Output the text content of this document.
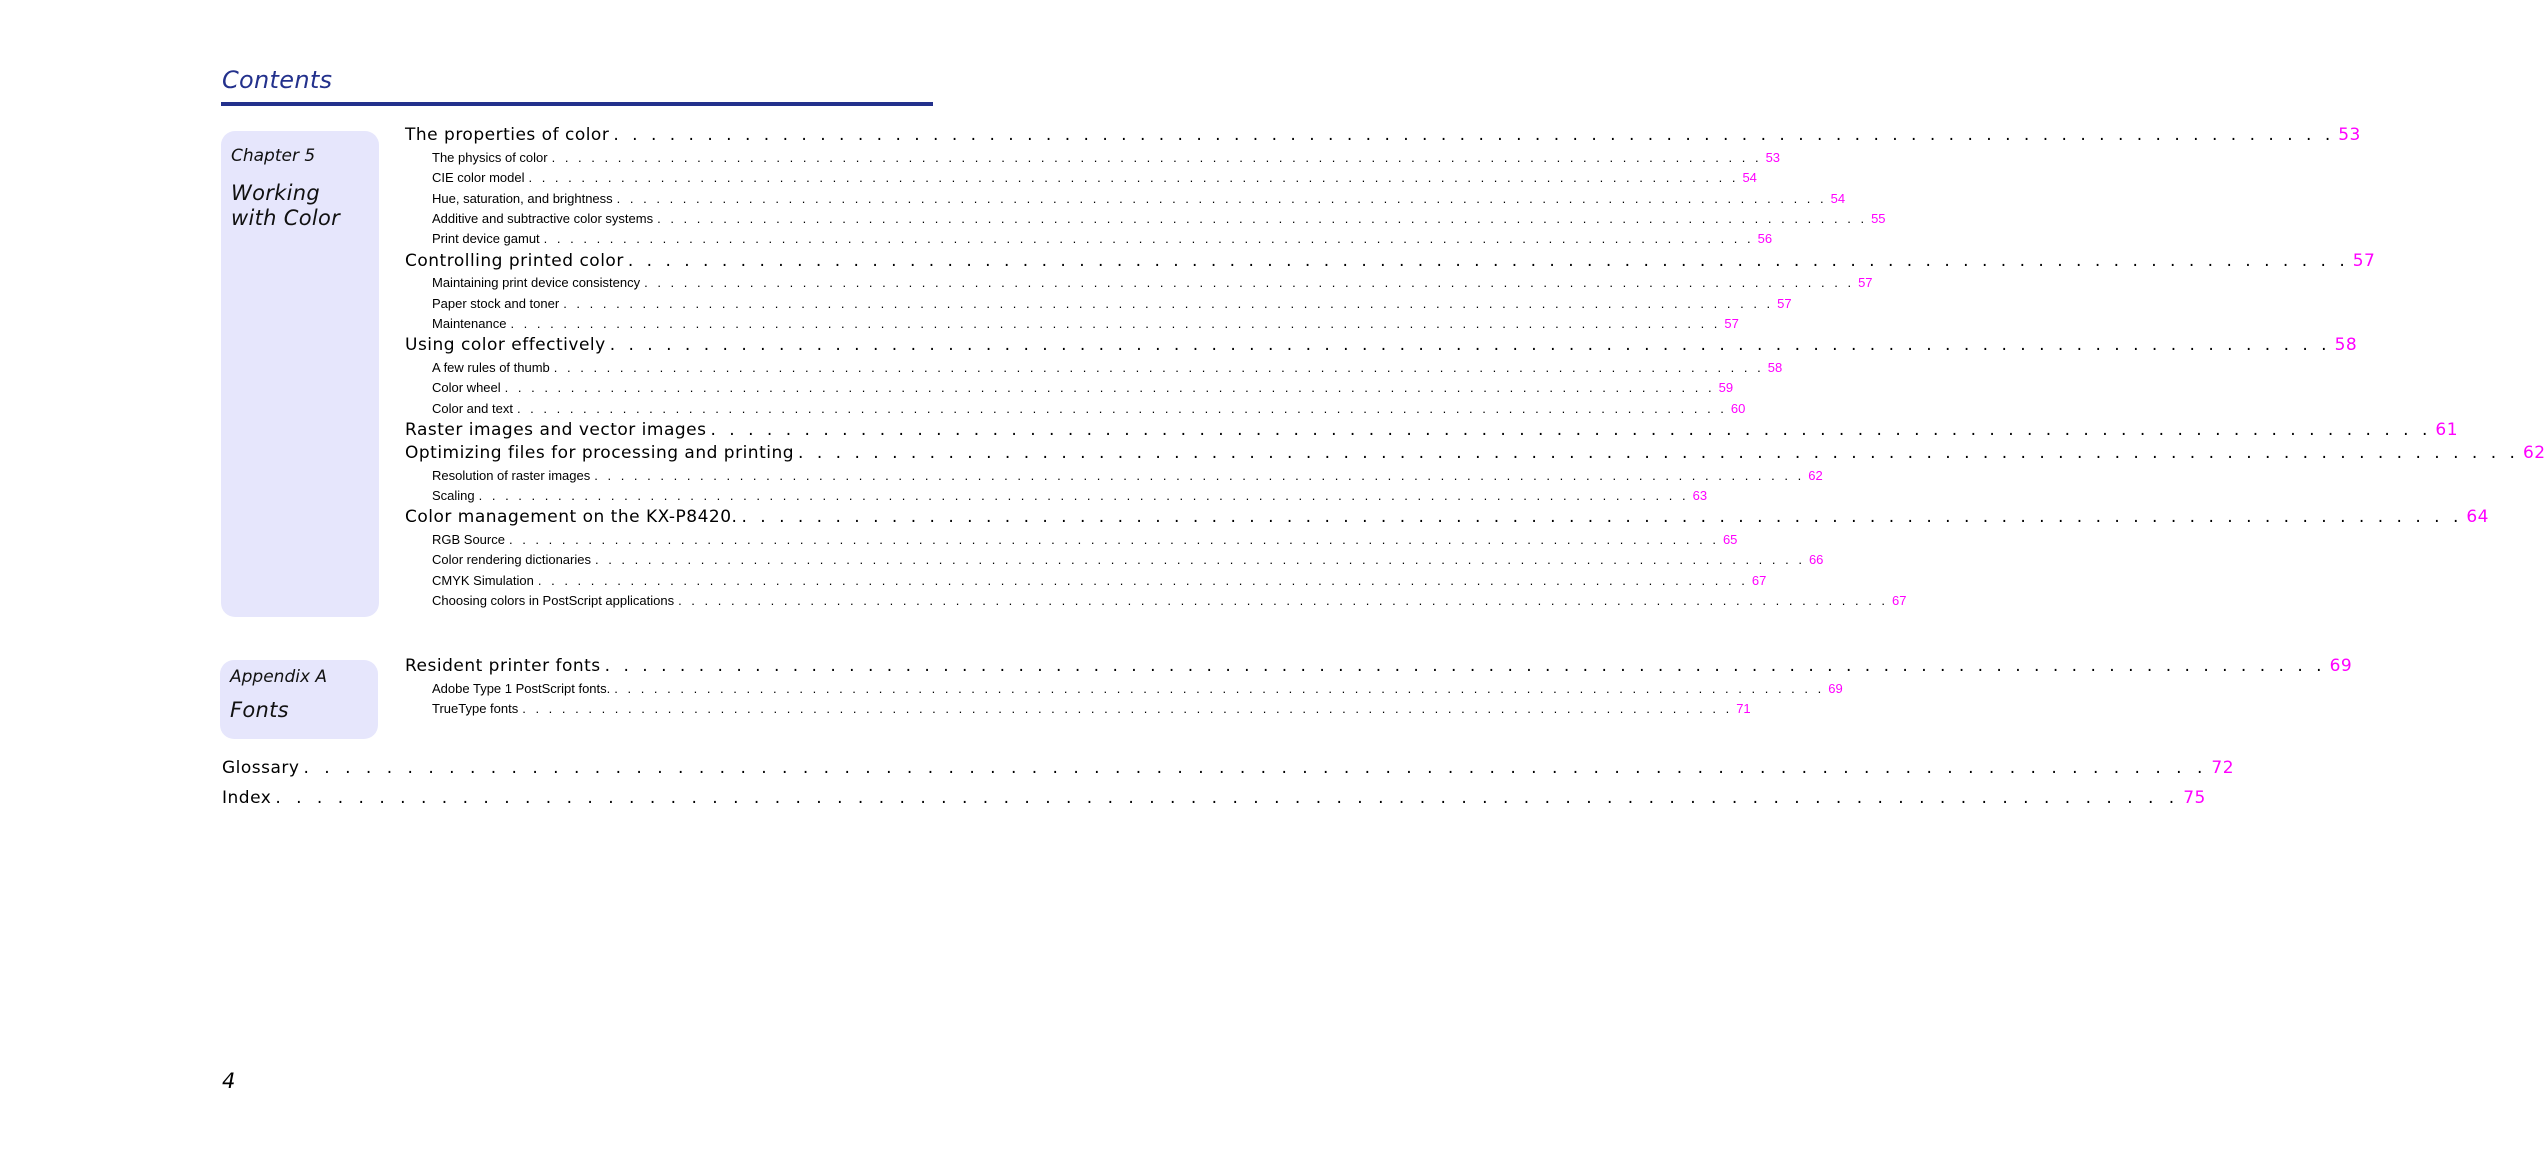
Contents
Chapter 5
Working with Color
Appendix A
Fonts
The properties of color . . . . . . . . . . . . . . . . . . . . . . . . . . . . . . . . . . . . . . . . . . . . . . . . . . . . . . . . . . . . . . . . . . . . . . . . . . . . . . . . . . . . . . . . . . . . 53
The physics of color . . . . . . . . . . . . . . . . . . . . . . . . . . . . . . . . . . . . . . . . . . . . . . . . . . . . . . . . . . . . . . . . . . . . . . . . . . . . . . . . . . . . . . . . . . . . 53
CIE color model . . . . . . . . . . . . . . . . . . . . . . . . . . . . . . . . . . . . . . . . . . . . . . . . . . . . . . . . . . . . . . . . . . . . . . . . . . . . . . . . . . . . . . . . . . . . 54
Hue, saturation, and brightness . . . . . . . . . . . . . . . . . . . . . . . . . . . . . . . . . . . . . . . . . . . . . . . . . . . . . . . . . . . . . . . . . . . . . . . . . . . . . . . . . . . . . . . . . . . . 54
Additive and subtractive color systems . . . . . . . . . . . . . . . . . . . . . . . . . . . . . . . . . . . . . . . . . . . . . . . . . . . . . . . . . . . . . . . . . . . . . . . . . . . . . . . . . . . . . . . . . . . . 55
Print device gamut . . . . . . . . . . . . . . . . . . . . . . . . . . . . . . . . . . . . . . . . . . . . . . . . . . . . . . . . . . . . . . . . . . . . . . . . . . . . . . . . . . . . . . . . . . . . 56
Controlling printed color . . . . . . . . . . . . . . . . . . . . . . . . . . . . . . . . . . . . . . . . . . . . . . . . . . . . . . . . . . . . . . . . . . . . . . . . . . . . . . . . . . . . . . . . . . . . 57
Maintaining print device consistency . . . . . . . . . . . . . . . . . . . . . . . . . . . . . . . . . . . . . . . . . . . . . . . . . . . . . . . . . . . . . . . . . . . . . . . . . . . . . . . . . . . . . . . . . . . . 57
Paper stock and toner . . . . . . . . . . . . . . . . . . . . . . . . . . . . . . . . . . . . . . . . . . . . . . . . . . . . . . . . . . . . . . . . . . . . . . . . . . . . . . . . . . . . . . . . . . . . 57
Maintenance . . . . . . . . . . . . . . . . . . . . . . . . . . . . . . . . . . . . . . . . . . . . . . . . . . . . . . . . . . . . . . . . . . . . . . . . . . . . . . . . . . . . . . . . . . . . 57
Using color effectively . . . . . . . . . . . . . . . . . . . . . . . . . . . . . . . . . . . . . . . . . . . . . . . . . . . . . . . . . . . . . . . . . . . . . . . . . . . . . . . . . . . . . . . . . . . . 58
A few rules of thumb . . . . . . . . . . . . . . . . . . . . . . . . . . . . . . . . . . . . . . . . . . . . . . . . . . . . . . . . . . . . . . . . . . . . . . . . . . . . . . . . . . . . . . . . . . . . 58
Color wheel . . . . . . . . . . . . . . . . . . . . . . . . . . . . . . . . . . . . . . . . . . . . . . . . . . . . . . . . . . . . . . . . . . . . . . . . . . . . . . . . . . . . . . . . . . . . 59
Color and text . . . . . . . . . . . . . . . . . . . . . . . . . . . . . . . . . . . . . . . . . . . . . . . . . . . . . . . . . . . . . . . . . . . . . . . . . . . . . . . . . . . . . . . . . . . . 60
Raster images and vector images . . . . . . . . . . . . . . . . . . . . . . . . . . . . . . . . . . . . . . . . . . . . . . . . . . . . . . . . . . . . . . . . . . . . . . . . . . . . . . . . . . . . . . . . . . . . 61
Optimizing files for processing and printing . . . . . . . . . . . . . . . . . . . . . . . . . . . . . . . . . . . . . . . . . . . . . . . . . . . . . . . . . . . . . . . . . . . . . . . . . . . . . . . . . . . . . . . . . . . . 62
Resolution of raster images . . . . . . . . . . . . . . . . . . . . . . . . . . . . . . . . . . . . . . . . . . . . . . . . . . . . . . . . . . . . . . . . . . . . . . . . . . . . . . . . . . . . . . . . . . . . 62
Scaling . . . . . . . . . . . . . . . . . . . . . . . . . . . . . . . . . . . . . . . . . . . . . . . . . . . . . . . . . . . . . . . . . . . . . . . . . . . . . . . . . . . . . . . . . . . . 63
Color management on the KX-P8420. . . . . . . . . . . . . . . . . . . . . . . . . . . . . . . . . . . . . . . . . . . . . . . . . . . . . . . . . . . . . . . . . . . . . . . . . . . . . . . . . . . . . . . . . . . . . 64
RGB Source . . . . . . . . . . . . . . . . . . . . . . . . . . . . . . . . . . . . . . . . . . . . . . . . . . . . . . . . . . . . . . . . . . . . . . . . . . . . . . . . . . . . . . . . . . . . 65
Color rendering dictionaries . . . . . . . . . . . . . . . . . . . . . . . . . . . . . . . . . . . . . . . . . . . . . . . . . . . . . . . . . . . . . . . . . . . . . . . . . . . . . . . . . . . . . . . . . . . . 66
CMYK Simulation . . . . . . . . . . . . . . . . . . . . . . . . . . . . . . . . . . . . . . . . . . . . . . . . . . . . . . . . . . . . . . . . . . . . . . . . . . . . . . . . . . . . . . . . . . . . 67
Choosing colors in PostScript applications . . . . . . . . . . . . . . . . . . . . . . . . . . . . . . . . . . . . . . . . . . . . . . . . . . . . . . . . . . . . . . . . . . . . . . . . . . . . . . . . . . . . . . . . . . . . 67
Resident printer fonts . . . . . . . . . . . . . . . . . . . . . . . . . . . . . . . . . . . . . . . . . . . . . . . . . . . . . . . . . . . . . . . . . . . . . . . . . . . . . . . . . . . . . . . . . . . . 69
Adobe Type 1 PostScript fonts. . . . . . . . . . . . . . . . . . . . . . . . . . . . . . . . . . . . . . . . . . . . . . . . . . . . . . . . . . . . . . . . . . . . . . . . . . . . . . . . . . . . . . . . . . . . . 69
TrueType fonts . . . . . . . . . . . . . . . . . . . . . . . . . . . . . . . . . . . . . . . . . . . . . . . . . . . . . . . . . . . . . . . . . . . . . . . . . . . . . . . . . . . . . . . . . . . . 71
Glossary . . . . . . . . . . . . . . . . . . . . . . . . . . . . . . . . . . . . . . . . . . . . . . . . . . . . . . . . . . . . . . . . . . . . . . . . . . . . . . . . . . . . . . . . . . . . 72
Index . . . . . . . . . . . . . . . . . . . . . . . . . . . . . . . . . . . . . . . . . . . . . . . . . . . . . . . . . . . . . . . . . . . . . . . . . . . . . . . . . . . . . . . . . . . . 75
4
